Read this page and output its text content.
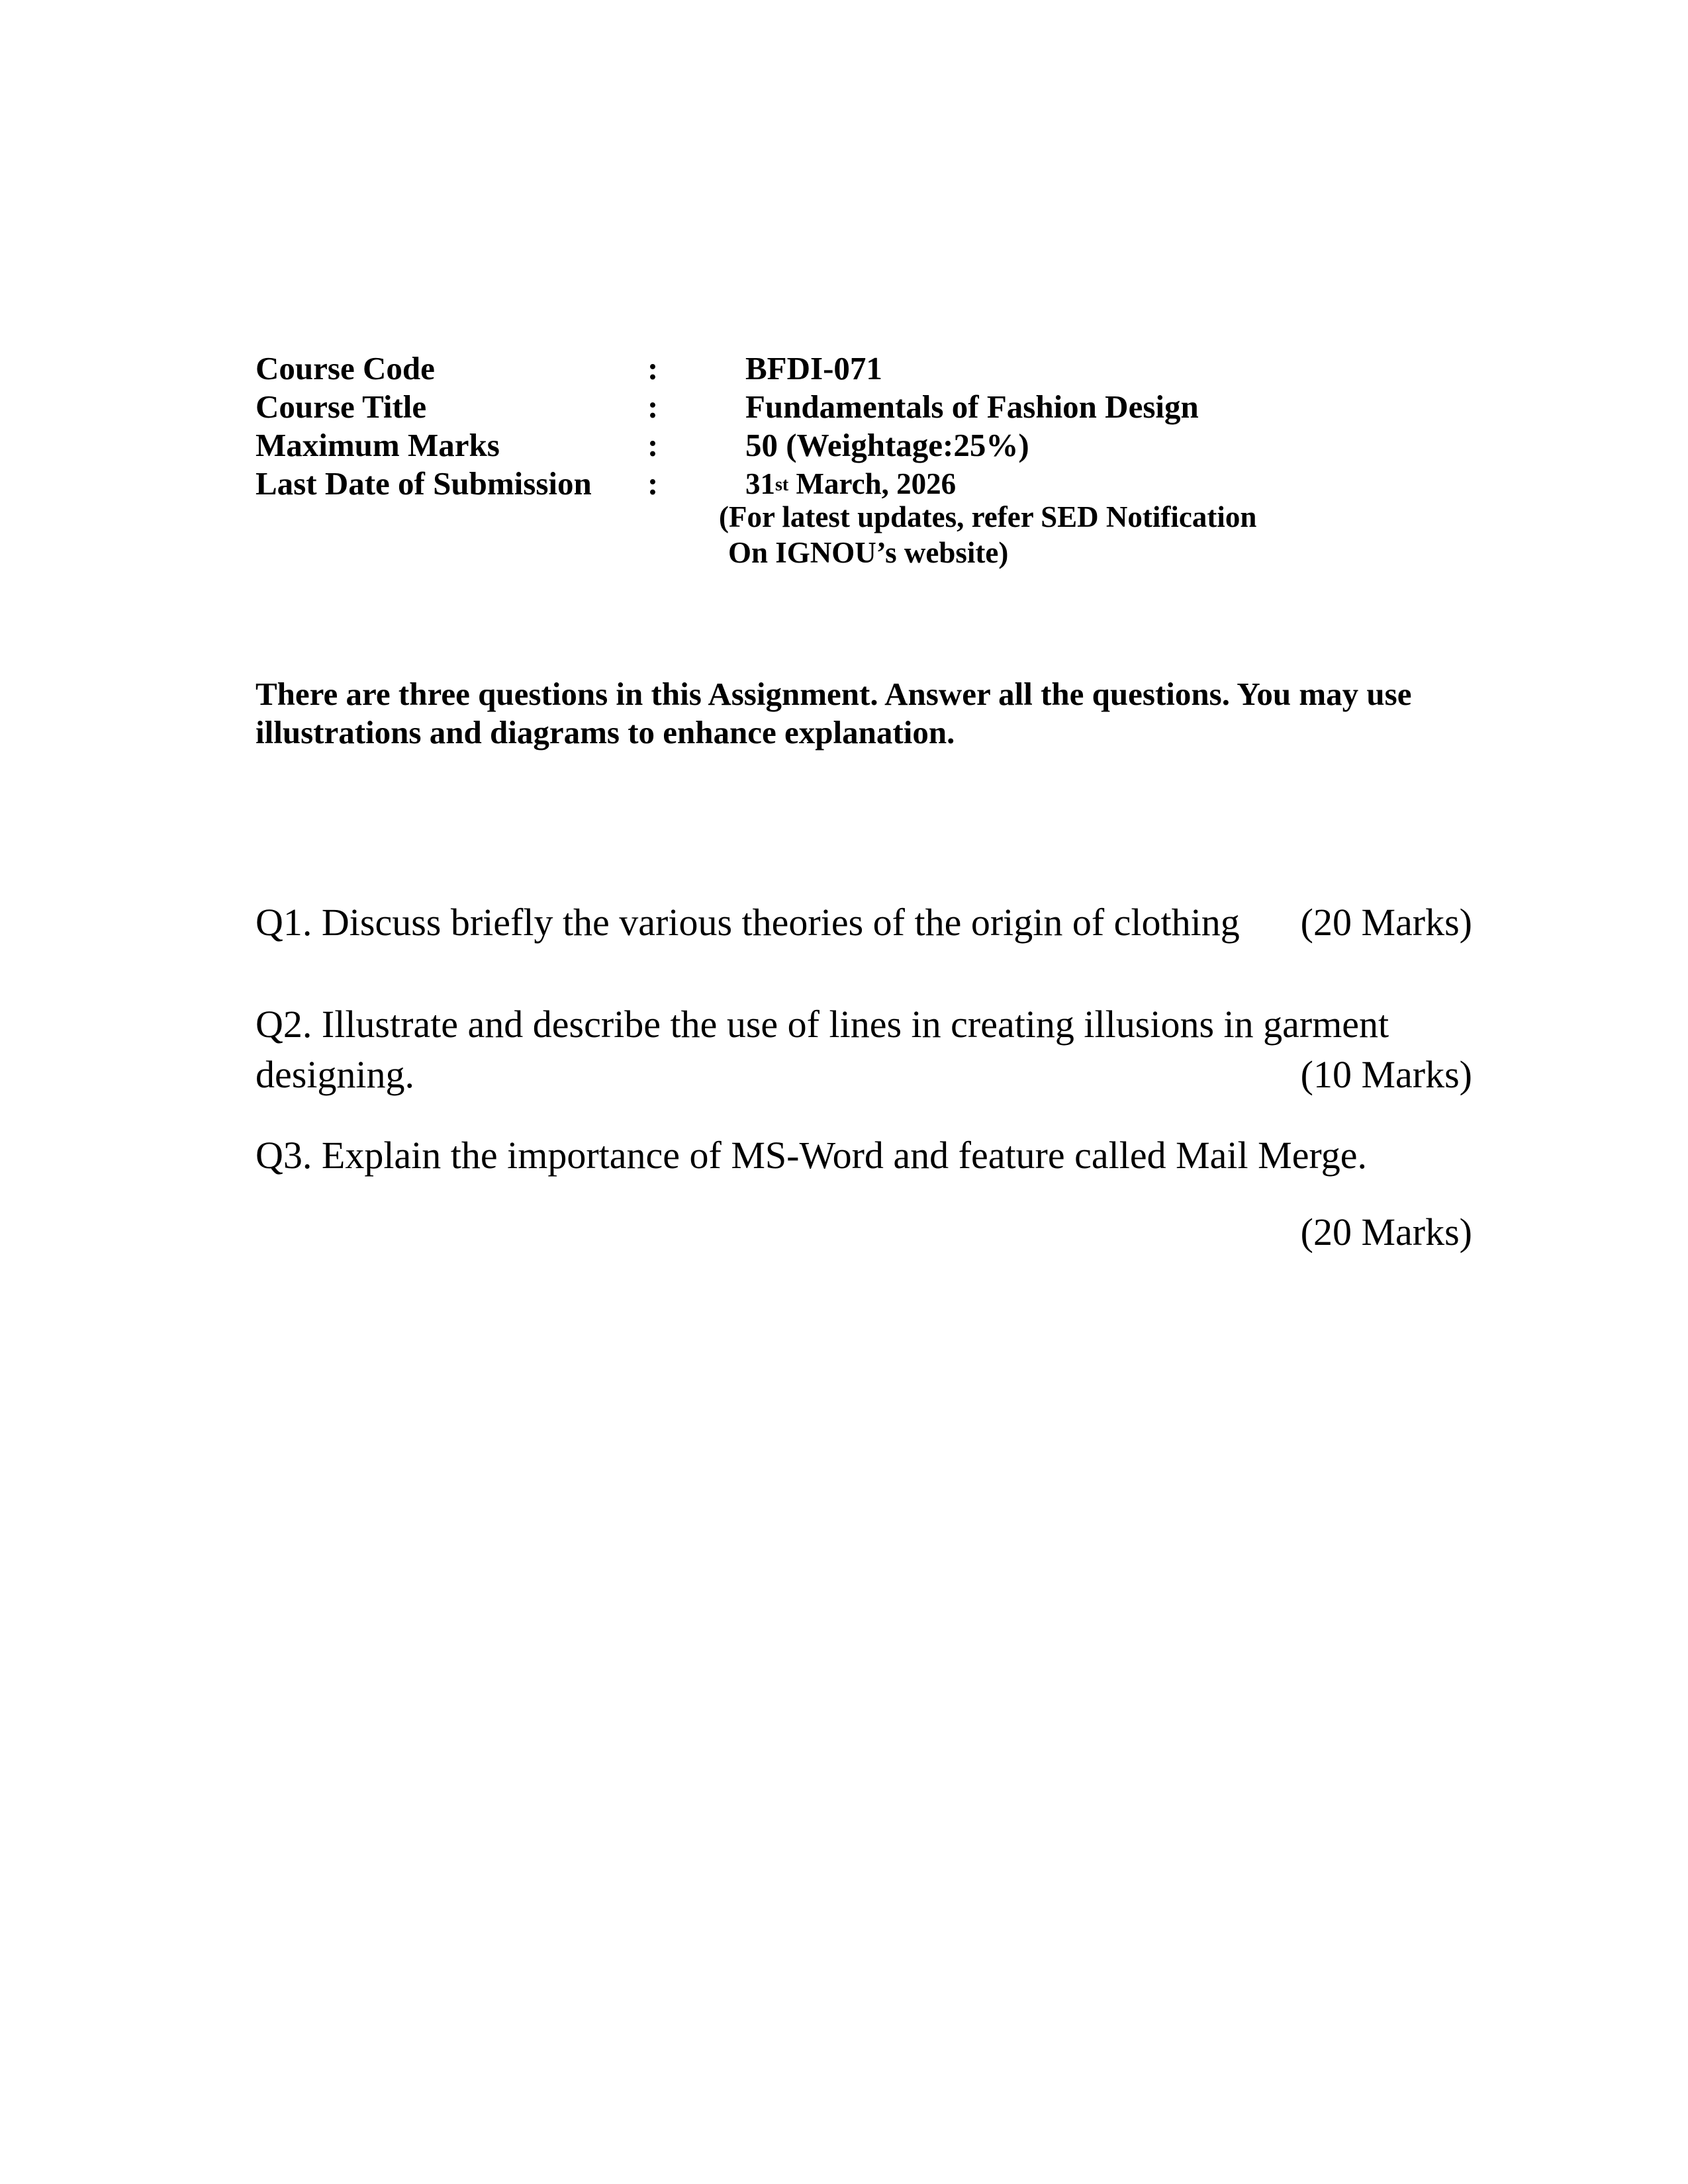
Course Code	:	BFDI-071
Course Title	:	Fundamentals of Fashion Design
Maximum Marks	:	50 (Weightage:25%)
Last Date of Submission :	31st March, 2026
(For latest updates, refer SED Notification
On IGNOU’s website)
There are three questions in this Assignment. Answer all the questions. You may use illustrations and diagrams to enhance explanation.
Q1. Discuss briefly the various theories of the origin of clothing	(20 Marks)
Q2. Illustrate and describe the use of lines in creating illusions in garment
designing.	(10 Marks)
Q3. Explain the importance of MS-Word and feature called Mail Merge.
(20 Marks)
